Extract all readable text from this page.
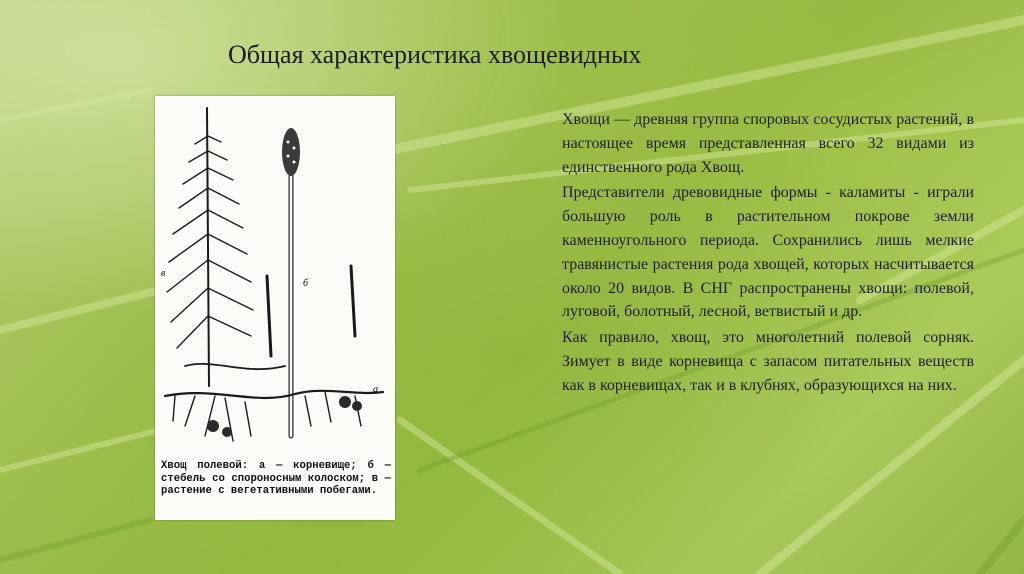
Общая характеристика хвощевидных
в
б
а
Хвощ полевой: а — корневище; б — стебель со спороносным колоском; в — растение с вегетативными побегами.

Хвощи — древняя группа споровых сосудистых растений, в настоящее время представленная всего 32 видами из единственного рода Хвощ.

Представители древовидные формы - каламиты - играли большую роль в растительном покрове земли каменноугольного периода. Сохранились лишь мелкие травянистые растения рода хвощей, которых насчитывается около 20 видов. В СНГ распространены хвощи: полевой, луговой, болотный, лесной, ветвистый и др.

Как правило, хвощ, это многолетний полевой сорняк. Зимует в виде корневища с запасом питательных веществ как в корневищах, так и в клубнях, образующихся на них.
